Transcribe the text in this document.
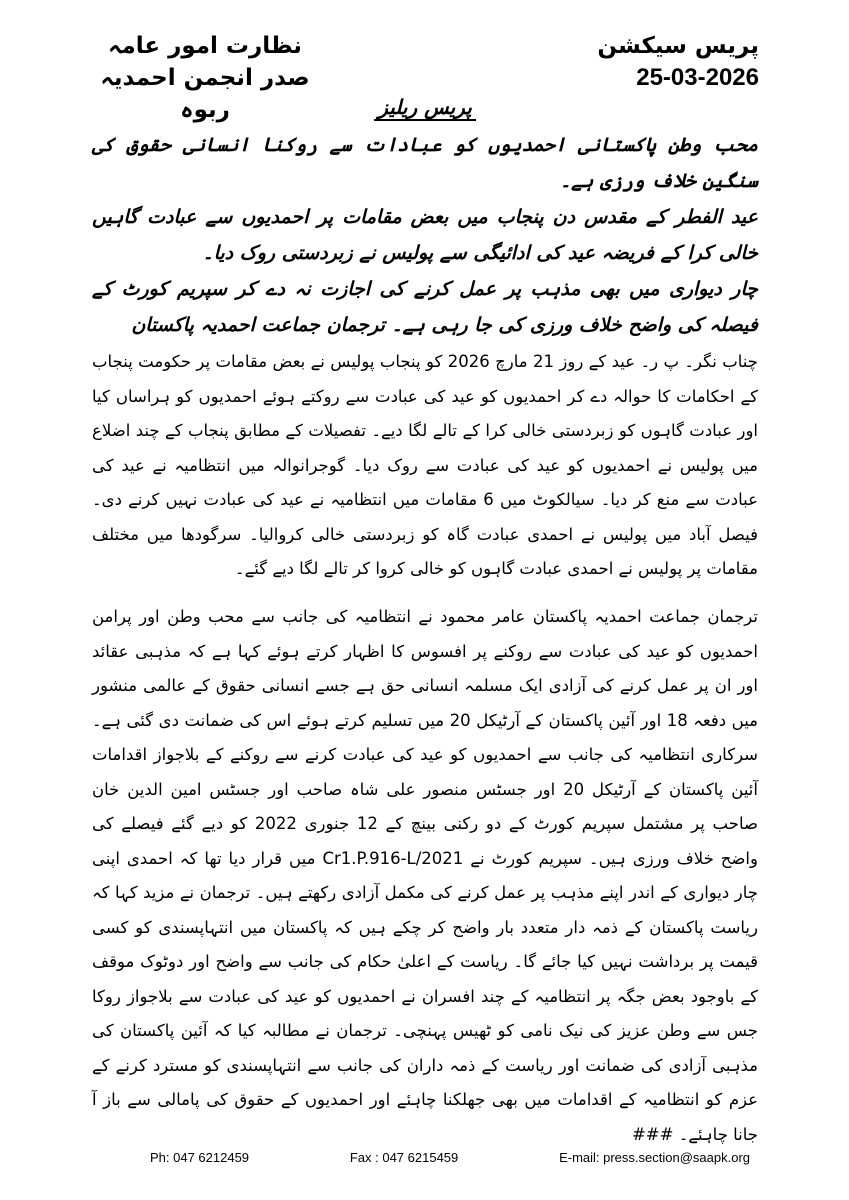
نظارت امور عامہ
صدر انجمن احمدیہ ربوہ
پریس سیکشن
25-03-2026
پریس ریلیز

محب وطن پاکستانی احمدیوں کو عبادات سے روکنا انسانی حقوق کی سنگین خلاف ورزی ہے۔

عید الفطر کے مقدس دن پنجاب میں بعض مقامات پر احمدیوں سے عبادت گاہیں خالی کرا کے فریضہ عید کی ادائیگی سے پولیس نے زبردستی روک دیا۔

چار دیواری میں بھی مذہب پر عمل کرنے کی اجازت نہ دے کر سپریم کورٹ کے فیصلہ کی واضح خلاف ورزی کی جا رہی ہے۔ ترجمان جماعت احمدیہ پاکستان

چناب نگر۔ پ ر۔ عید کے روز 21 مارچ 2026 کو پنجاب پولیس نے بعض مقامات پر حکومت پنجاب کے احکامات کا حوالہ دے کر احمدیوں کو عید کی عبادت سے روکتے ہوئے احمدیوں کو ہراساں کیا اور عبادت گاہوں کو زبردستی خالی کرا کے تالے لگا دیے۔ تفصیلات کے مطابق پنجاب کے چند اضلاع میں پولیس نے احمدیوں کو عید کی عبادت سے روک دیا۔ گوجرانوالہ میں انتظامیہ نے عید کی عبادت سے منع کر دیا۔ سیالکوٹ میں 6 مقامات میں انتظامیہ نے عید کی عبادت نہیں کرنے دی۔ فیصل آباد میں پولیس نے احمدی عبادت گاہ کو زبردستی خالی کروالیا۔ سرگودھا میں مختلف مقامات پر پولیس نے احمدی عبادت گاہوں کو خالی کروا کر تالے لگا دیے گئے۔

ترجمان جماعت احمدیہ پاکستان عامر محمود نے انتظامیہ کی جانب سے محب وطن اور پرامن احمدیوں کو عید کی عبادت سے روکنے پر افسوس کا اظہار کرتے ہوئے کہا ہے کہ مذہبی عقائد اور ان پر عمل کرنے کی آزادی ایک مسلمہ انسانی حق ہے جسے انسانی حقوق کے عالمی منشور میں دفعہ 18 اور آئین پاکستان کے آرٹیکل 20 میں تسلیم کرتے ہوئے اس کی ضمانت دی گئی ہے۔ سرکاری انتظامیہ کی جانب سے احمدیوں کو عید کی عبادت کرنے سے روکنے کے بلاجواز اقدامات آئین پاکستان کے آرٹیکل 20 اور جسٹس منصور علی شاہ صاحب اور جسٹس امین الدین خان صاحب پر مشتمل سپریم کورٹ کے دو رکنی بینچ کے 12 جنوری 2022 کو دیے گئے فیصلے کی واضح خلاف ورزی ہیں۔ سپریم کورٹ نے Cr1.P.916-L/2021 میں قرار دیا تھا کہ احمدی اپنی چار دیواری کے اندر اپنے مذہب پر عمل کرنے کی مکمل آزادی رکھتے ہیں۔ ترجمان نے مزید کہا کہ ریاست پاکستان کے ذمہ دار متعدد بار واضح کر چکے ہیں کہ پاکستان میں انتہاپسندی کو کسی قیمت پر برداشت نہیں کیا جائے گا۔ ریاست کے اعلیٰ حکام کی جانب سے واضح اور دوٹوک موقف کے باوجود بعض جگہ پر انتظامیہ کے چند افسران نے احمدیوں کو عید کی عبادت سے بلاجواز روکا جس سے وطن عزیز کی نیک نامی کو ٹھیس پہنچی۔ ترجمان نے مطالبہ کیا کہ آئین پاکستان کی مذہبی آزادی کی ضمانت اور ریاست کے ذمہ داران کی جانب سے انتہاپسندی کو مسترد کرنے کے عزم کو انتظامیہ کے اقدامات میں بھی جھلکنا چاہئے اور احمدیوں کے حقوق کی پامالی سے باز آ جانا چاہئے۔ ###

Ph: 047 6212459	Fax : 047 6215459	E-mail: press.section@saapk.org
